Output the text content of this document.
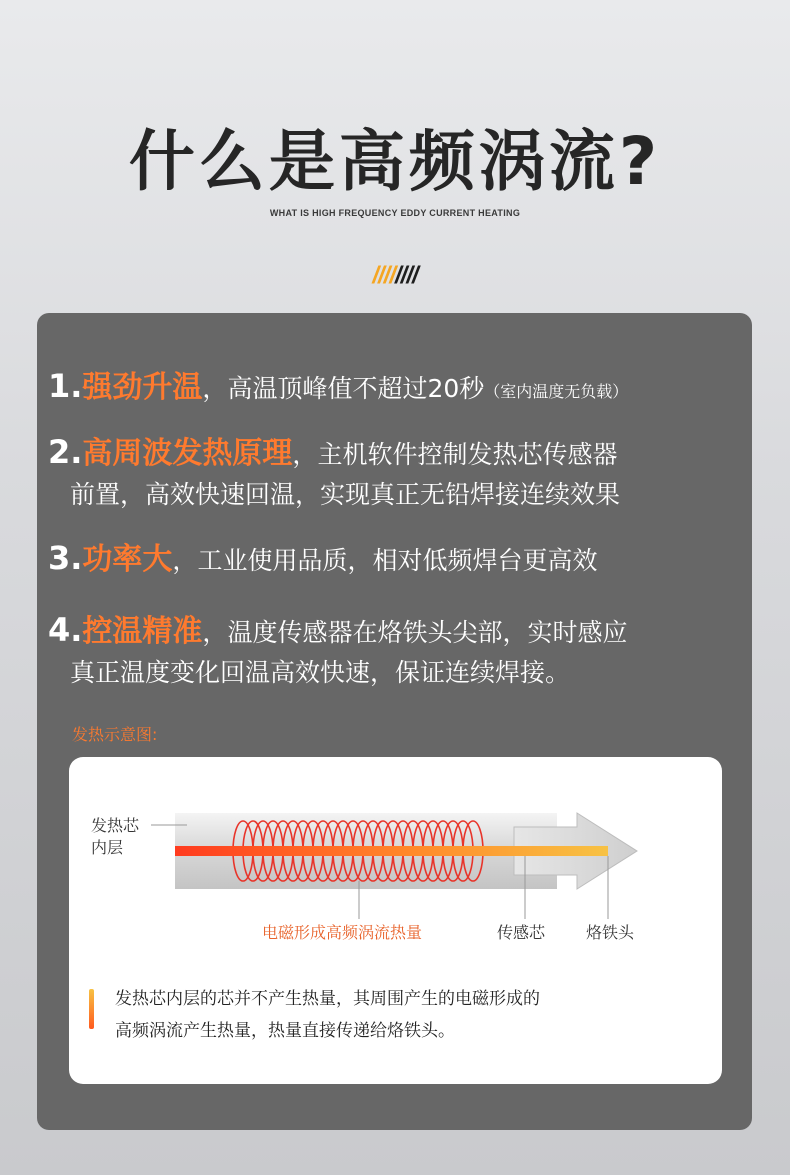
什么是高频涡流?
WHAT IS HIGH FREQUENCY EDDY CURRENT HEATING
////////
1.强劲升温，高温顶峰值不超过20秒（室内温度无负载）
2.高周波发热原理，主机软件控制发热芯传感器
前置，高效快速回温，实现真正无铅焊接连续效果
3.功率大，工业使用品质，相对低频焊台更高效
4.控温精准，温度传感器在烙铁头尖部，实时感应
真正温度变化回温高效快速，保证连续焊接。
发热示意图:
发热芯
内层
电磁形成高频涡流热量	传感芯	烙铁头
发热芯内层的芯并不产生热量，其周围产生的电磁形成的
高频涡流产生热量，热量直接传递给烙铁头。
